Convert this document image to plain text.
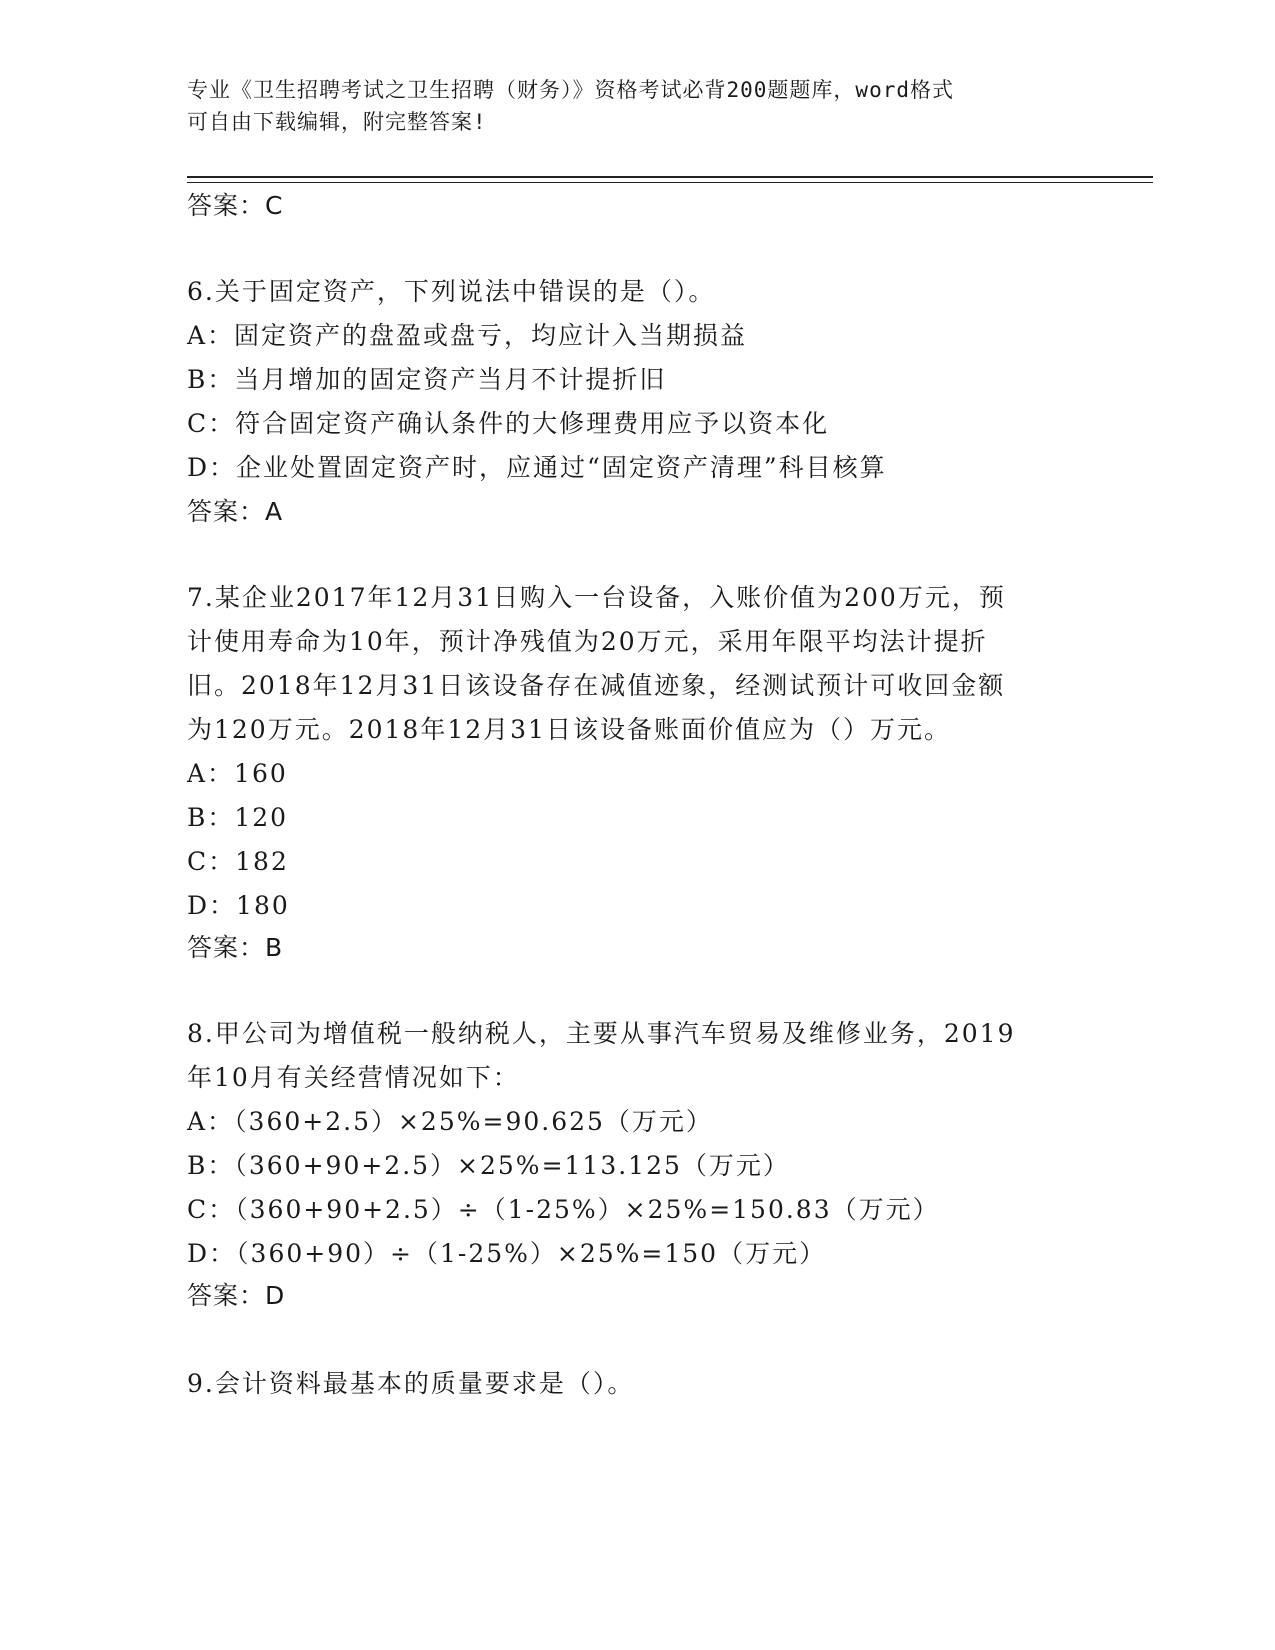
专业《卫生招聘考试之卫生招聘（财务）》资格考试必背200题题库，word格式
可自由下载编辑，附完整答案!
答案：C
6.关于固定资产，下列说法中错误的是（）。
A：固定资产的盘盈或盘亏，均应计入当期损益
B：当月增加的固定资产当月不计提折旧
C：符合固定资产确认条件的大修理费用应予以资本化
D：企业处置固定资产时，应通过“固定资产清理”科目核算
答案：A
7.某企业2017年12月31日购入一台设备，入账价值为200万元，预
计使用寿命为10年，预计净残值为20万元，采用年限平均法计提折
旧。2018年12月31日该设备存在减值迹象，经测试预计可收回金额
为120万元。2018年12月31日该设备账面价值应为（）万元。
A：160
B：120
C：182
D：180
答案：B
8.甲公司为增值税一般纳税人，主要从事汽车贸易及维修业务，2019
年10月有关经营情况如下：
A：（360+2.5）×25%=90.625（万元）
B：（360+90+2.5）×25%=113.125（万元）
C：（360+90+2.5）÷（1-25%）×25%=150.83（万元）
D：（360+90）÷（1-25%）×25%=150（万元）
答案：D
9.会计资料最基本的质量要求是（）。
